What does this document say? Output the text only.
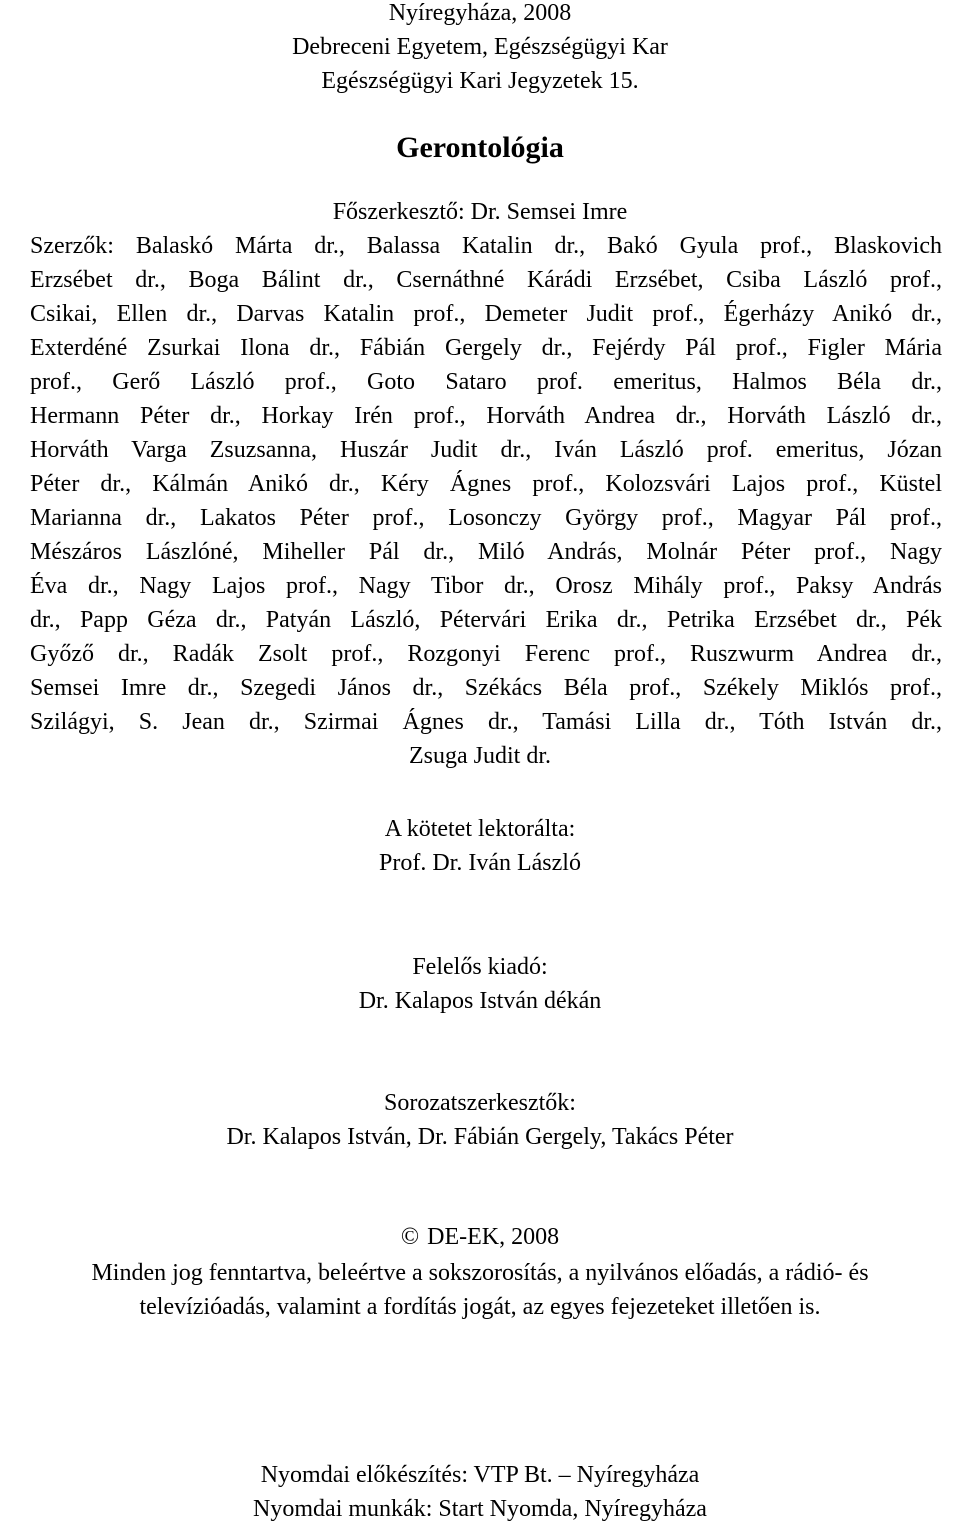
Nyíregyháza, 2008
Debreceni Egyetem, Egészségügyi Kar
Egészségügyi Kari Jegyzetek 15.
Gerontológia
Főszerkesztő: Dr. Semsei Imre
Szerzők: Balaskó Márta dr., Balassa Katalin dr., Bakó Gyula prof., Blaskovich
Erzsébet dr., Boga Bálint dr., Csernáthné Kárádi Erzsébet, Csiba László prof.,
Csikai, Ellen dr., Darvas Katalin prof., Demeter Judit prof., Égerházy Anikó dr.,
Exterdéné Zsurkai Ilona dr., Fábián Gergely dr., Fejérdy Pál prof., Figler Mária
prof., Gerő László prof., Goto Sataro prof. emeritus, Halmos Béla dr.,
Hermann Péter dr., Horkay Irén prof., Horváth Andrea dr., Horváth László dr.,
Horváth Varga Zsuzsanna, Huszár Judit dr., Iván László prof. emeritus, Józan
Péter dr., Kálmán Anikó dr., Kéry Ágnes prof., Kolozsvári Lajos prof., Küstel
Marianna dr., Lakatos Péter prof., Losonczy György prof., Magyar Pál prof.,
Mészáros Lászlóné, Miheller Pál dr., Miló András, Molnár Péter prof., Nagy
Éva dr., Nagy Lajos prof., Nagy Tibor dr., Orosz Mihály prof., Paksy András
dr., Papp Géza dr., Patyán László, Pétervári Erika dr., Petrika Erzsébet dr., Pék
Győző dr., Radák Zsolt prof., Rozgonyi Ferenc prof., Ruszwurm Andrea dr.,
Semsei Imre dr., Szegedi János dr., Székács Béla prof., Székely Miklós prof.,
Szilágyi, S. Jean dr., Szirmai Ágnes dr., Tamási Lilla dr., Tóth István dr.,
Zsuga Judit dr.
A kötetet lektorálta:
Prof. Dr. Iván László
Felelős kiadó:
Dr. Kalapos István dékán
Sorozatszerkesztők:
Dr. Kalapos István, Dr. Fábián Gergely, Takács Péter
© DE-EK, 2008
Minden jog fenntartva, beleértve a sokszorosítás, a nyilvános előadás, a rádió- és
televízióadás, valamint a fordítás jogát, az egyes fejezeteket illetően is.
Nyomdai előkészítés: VTP Bt. – Nyíregyháza
Nyomdai munkák: Start Nyomda, Nyíregyháza
